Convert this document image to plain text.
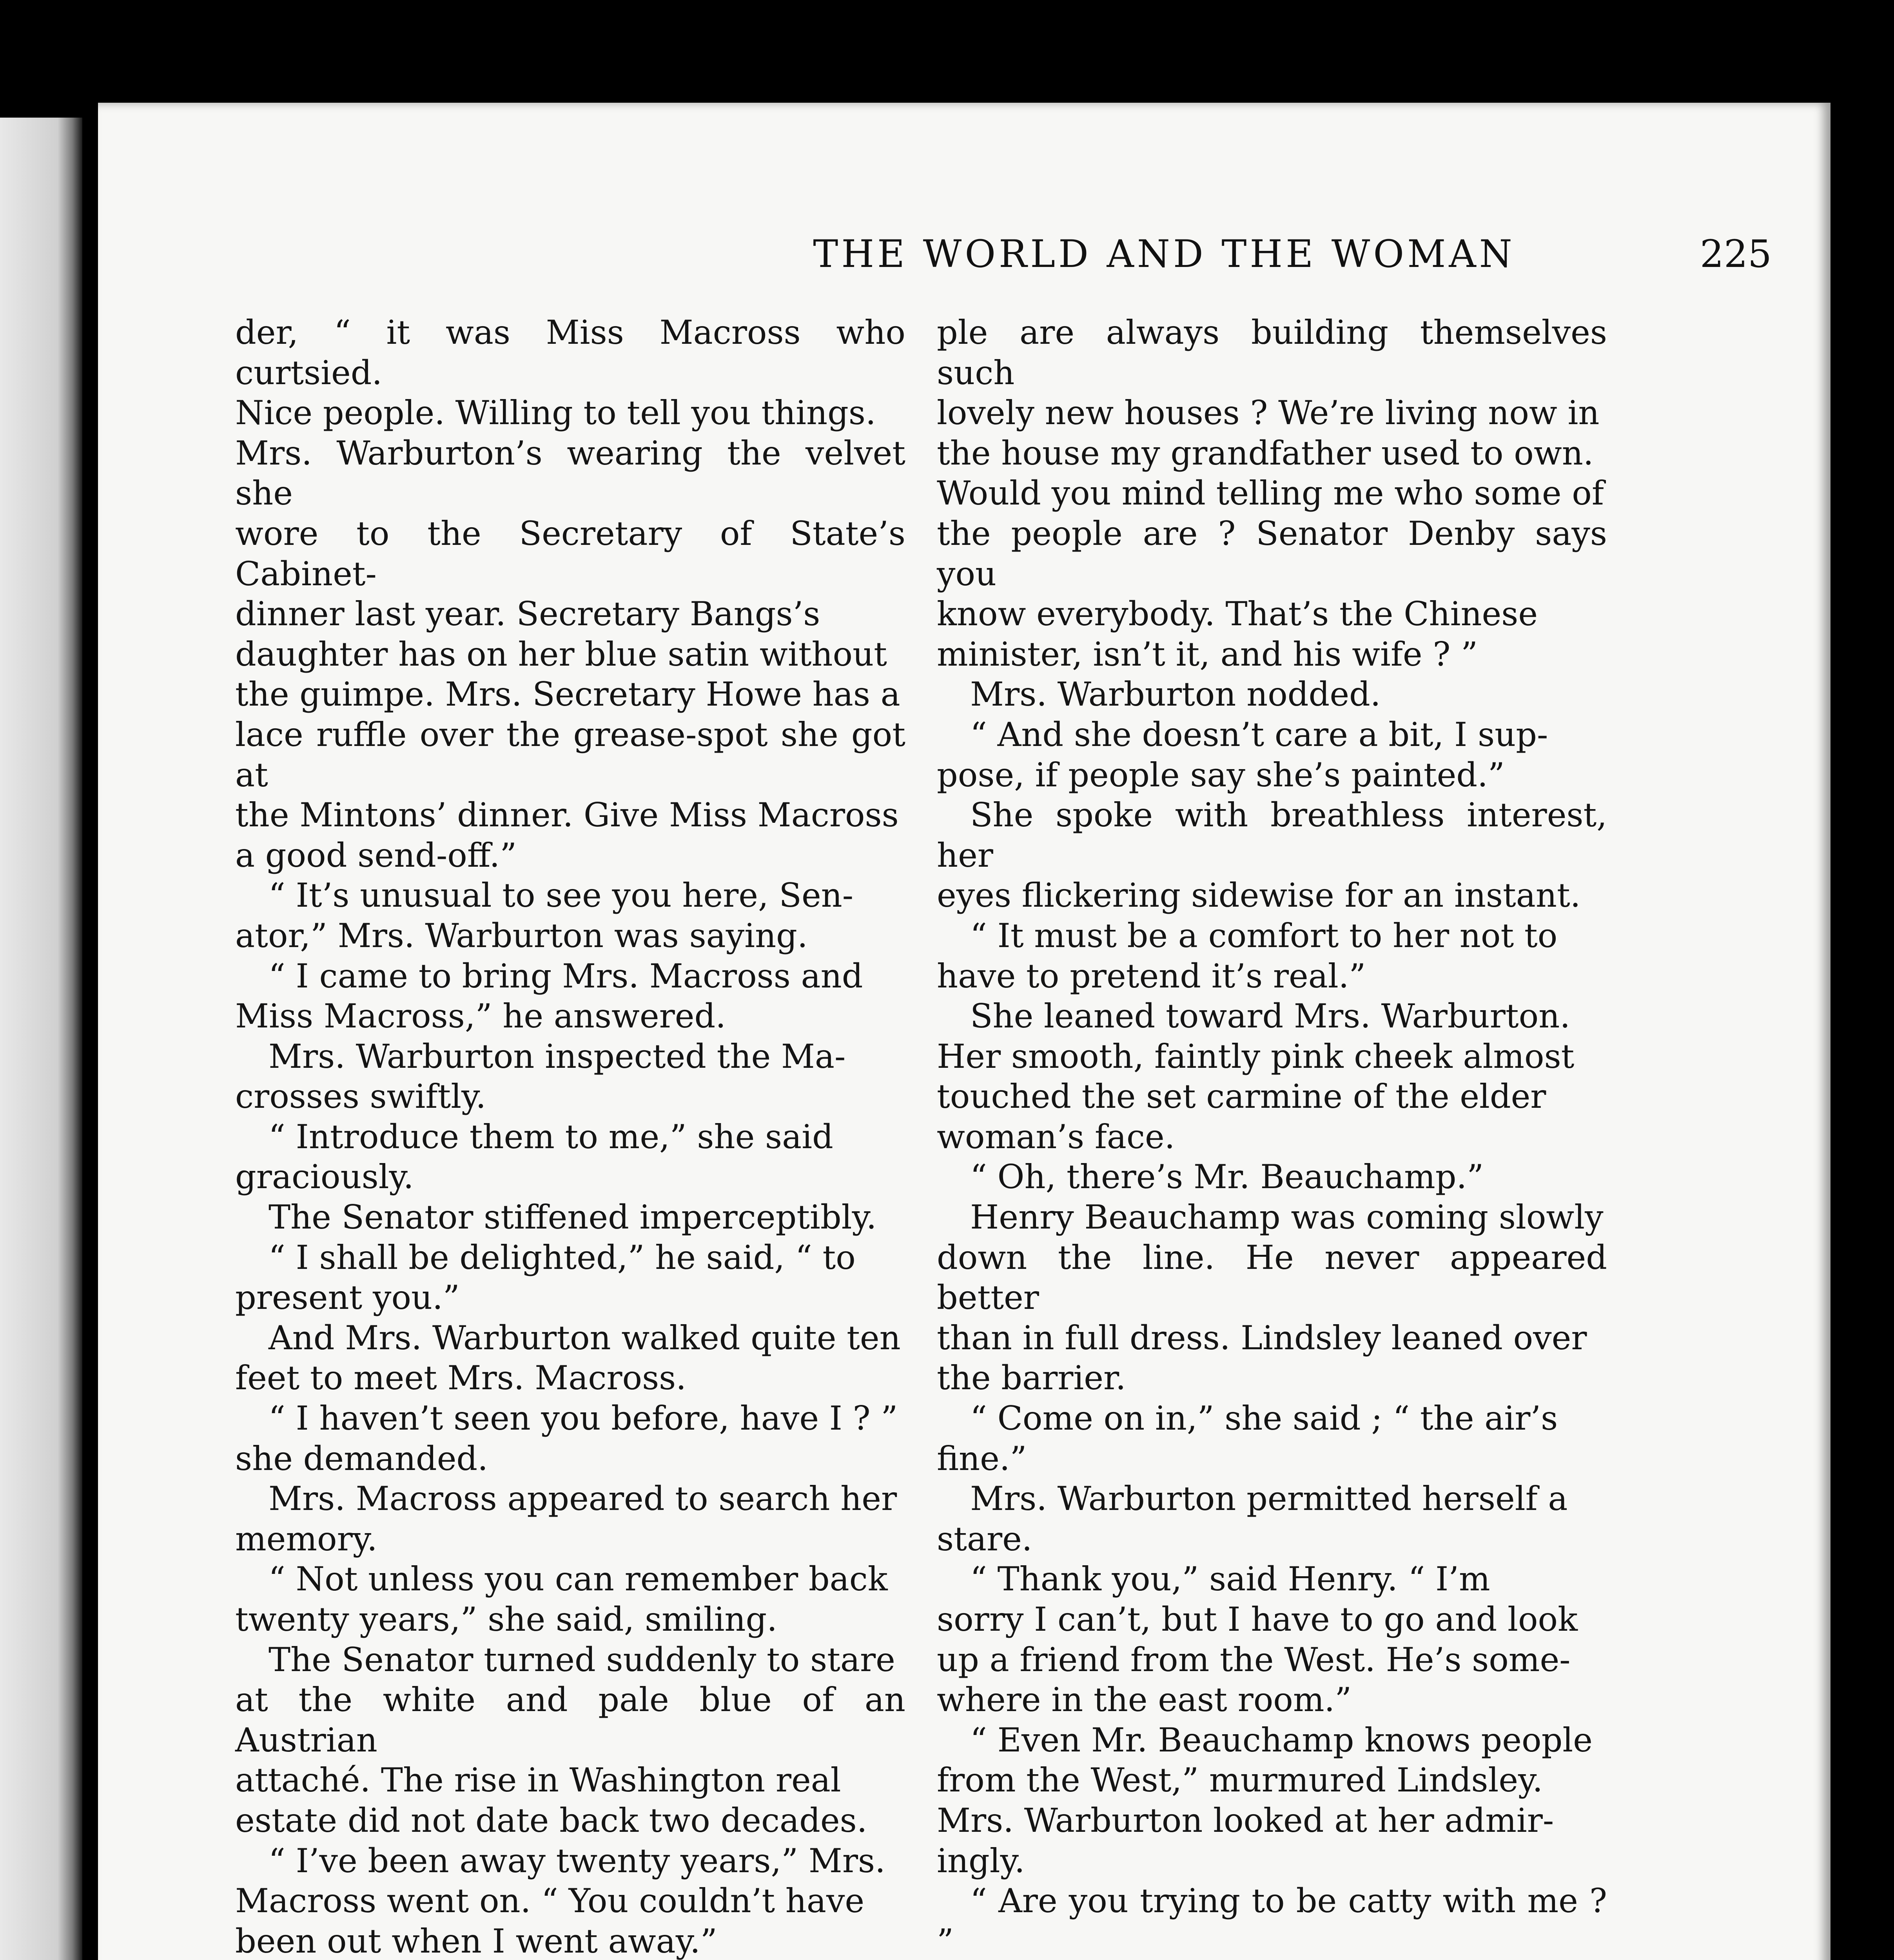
THE WORLD AND THE WOMAN	225

der, “ it was Miss Macross who curtsied.
Nice people. Willing to tell you things.
Mrs. Warburton’s wearing the velvet she
wore to the Secretary of State’s Cabinet-
dinner last year. Secretary Bangs’s
daughter has on her blue satin without
the guimpe. Mrs. Secretary Howe has a
lace ruffle over the grease-spot she got at
the Mintons’ dinner. Give Miss Macross
a good send-off.”

“ It’s unusual to see you here, Sen-
ator,” Mrs. Warburton was saying.

“ I came to bring Mrs. Macross and
Miss Macross,” he answered.

Mrs. Warburton inspected the Ma-
crosses swiftly.

“ Introduce them to me,” she said
graciously.

The Senator stiffened imperceptibly.

“ I shall be delighted,” he said, “ to
present you.”

And Mrs. Warburton walked quite ten
feet to meet Mrs. Macross.

“ I haven’t seen you before, have I ? ”
she demanded.

Mrs. Macross appeared to search her
memory.

“ Not unless you can remember back
twenty years,” she said, smiling.

The Senator turned suddenly to stare
at the white and pale blue of an Austrian
attaché. The rise in Washington real
estate did not date back two decades.

“ I’ve been away twenty years,” Mrs.
Macross went on. “ You couldn’t have
been out when I went away.”

ple are always building themselves such
lovely new houses ? We’re living now in
the house my grandfather used to own.
Would you mind telling me who some of
the people are ? Senator Denby says you
know everybody. That’s the Chinese
minister, isn’t it, and his wife ? ”

Mrs. Warburton nodded.

“ And she doesn’t care a bit, I sup-
pose, if people say she’s painted.”

She spoke with breathless interest, her
eyes flickering sidewise for an instant.

“ It must be a comfort to her not to
have to pretend it’s real.”

She leaned toward Mrs. Warburton.
Her smooth, faintly pink cheek almost
touched the set carmine of the elder
woman’s face.

“ Oh, there’s Mr. Beauchamp.”

Henry Beauchamp was coming slowly
down the line. He never appeared better
than in full dress. Lindsley leaned over
the barrier.

“ Come on in,” she said ; “ the air’s
fine.”

Mrs. Warburton permitted herself a
stare.

“ Thank you,” said Henry. “ I’m
sorry I can’t, but I have to go and look
up a friend from the West. He’s some-
where in the east room.”

“ Even Mr. Beauchamp knows people
from the West,” murmured Lindsley.
Mrs. Warburton looked at her admir-
ingly.

“ Are you trying to be catty with me ? ”
